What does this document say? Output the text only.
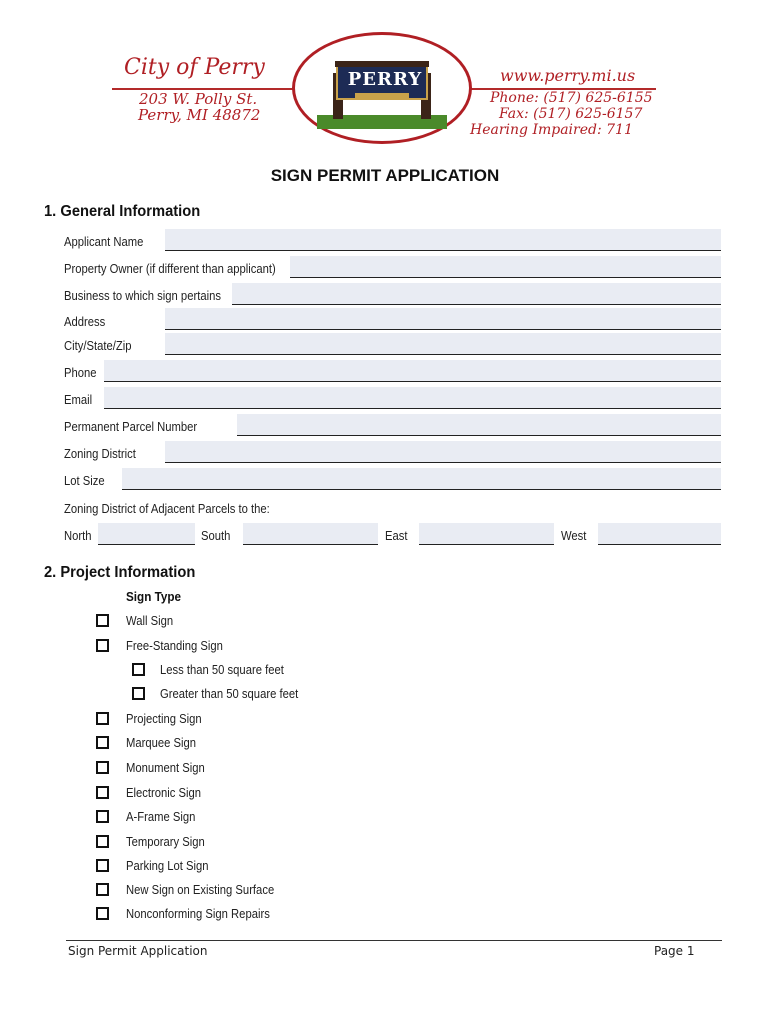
City of Perry
203 W. Polly St.
Perry, MI 48872
www.perry.mi.us
Phone: (517) 625-6155
Fax: (517) 625-6157
Hearing Impaired: 711
PERRY
SIGN PERMIT APPLICATION
1. General Information
Applicant Name
Property Owner (if different than applicant)
Business to which sign pertains
Address
City/State/Zip
Phone
Email
Permanent Parcel Number
Zoning District
Lot Size
Zoning District of Adjacent Parcels to the:
North	South	East	West
2. Project Information
Sign Type
Wall Sign
Free-Standing Sign
Less than 50 square feet
Greater than 50 square feet
Projecting Sign
Marquee Sign
Monument Sign
Electronic Sign
A-Frame Sign
Temporary Sign
Parking Lot Sign
New Sign on Existing Surface
Nonconforming Sign Repairs
Sign Permit Application	Page 1
